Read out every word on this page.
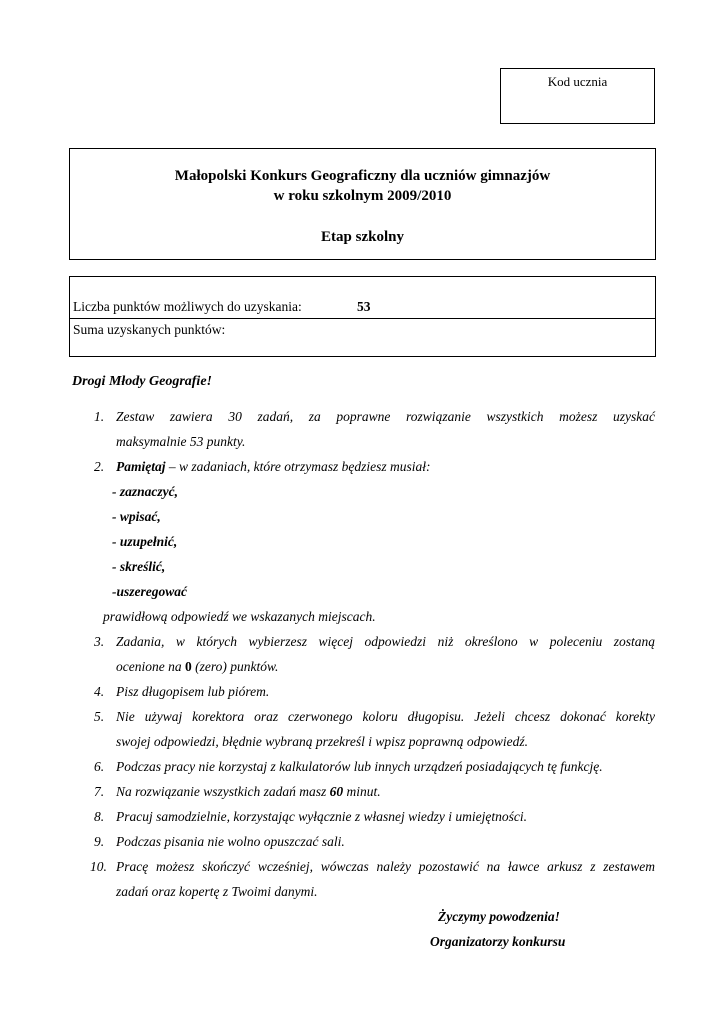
Kod ucznia
Małopolski Konkurs Geograficzny dla uczniów gimnazjów
w roku szkolnym 2009/2010
Etap szkolny
Liczba punktów możliwych do uzyskania:	53
Suma uzyskanych punktów:
Drogi Młody Geografie!
1. Zestaw zawiera 30 zadań, za poprawne rozwiązanie wszystkich możesz uzyskać
maksymalnie 53 punkty.
2. Pamiętaj – w zadaniach, które otrzymasz będziesz musiał:
- zaznaczyć,
- wpisać,
- uzupełnić,
- skreślić,
-uszeregować
prawidłową odpowiedź we wskazanych miejscach.
3. Zadania, w których wybierzesz więcej odpowiedzi niż określono w poleceniu zostaną
ocenione na 0 (zero) punktów.
4. Pisz długopisem lub piórem.
5. Nie używaj korektora oraz czerwonego koloru długopisu. Jeżeli chcesz dokonać korekty
swojej odpowiedzi, błędnie wybraną przekreśl i wpisz poprawną odpowiedź.
6. Podczas pracy nie korzystaj z kalkulatorów lub innych urządzeń posiadających tę funkcję.
7. Na rozwiązanie wszystkich zadań masz 60 minut.
8. Pracuj samodzielnie, korzystając wyłącznie z własnej wiedzy i umiejętności.
9. Podczas pisania nie wolno opuszczać sali.
10. Pracę możesz skończyć wcześniej, wówczas należy pozostawić na ławce arkusz z zestawem
zadań oraz kopertę z Twoimi danymi.
Życzymy powodzenia!
Organizatorzy konkursu
